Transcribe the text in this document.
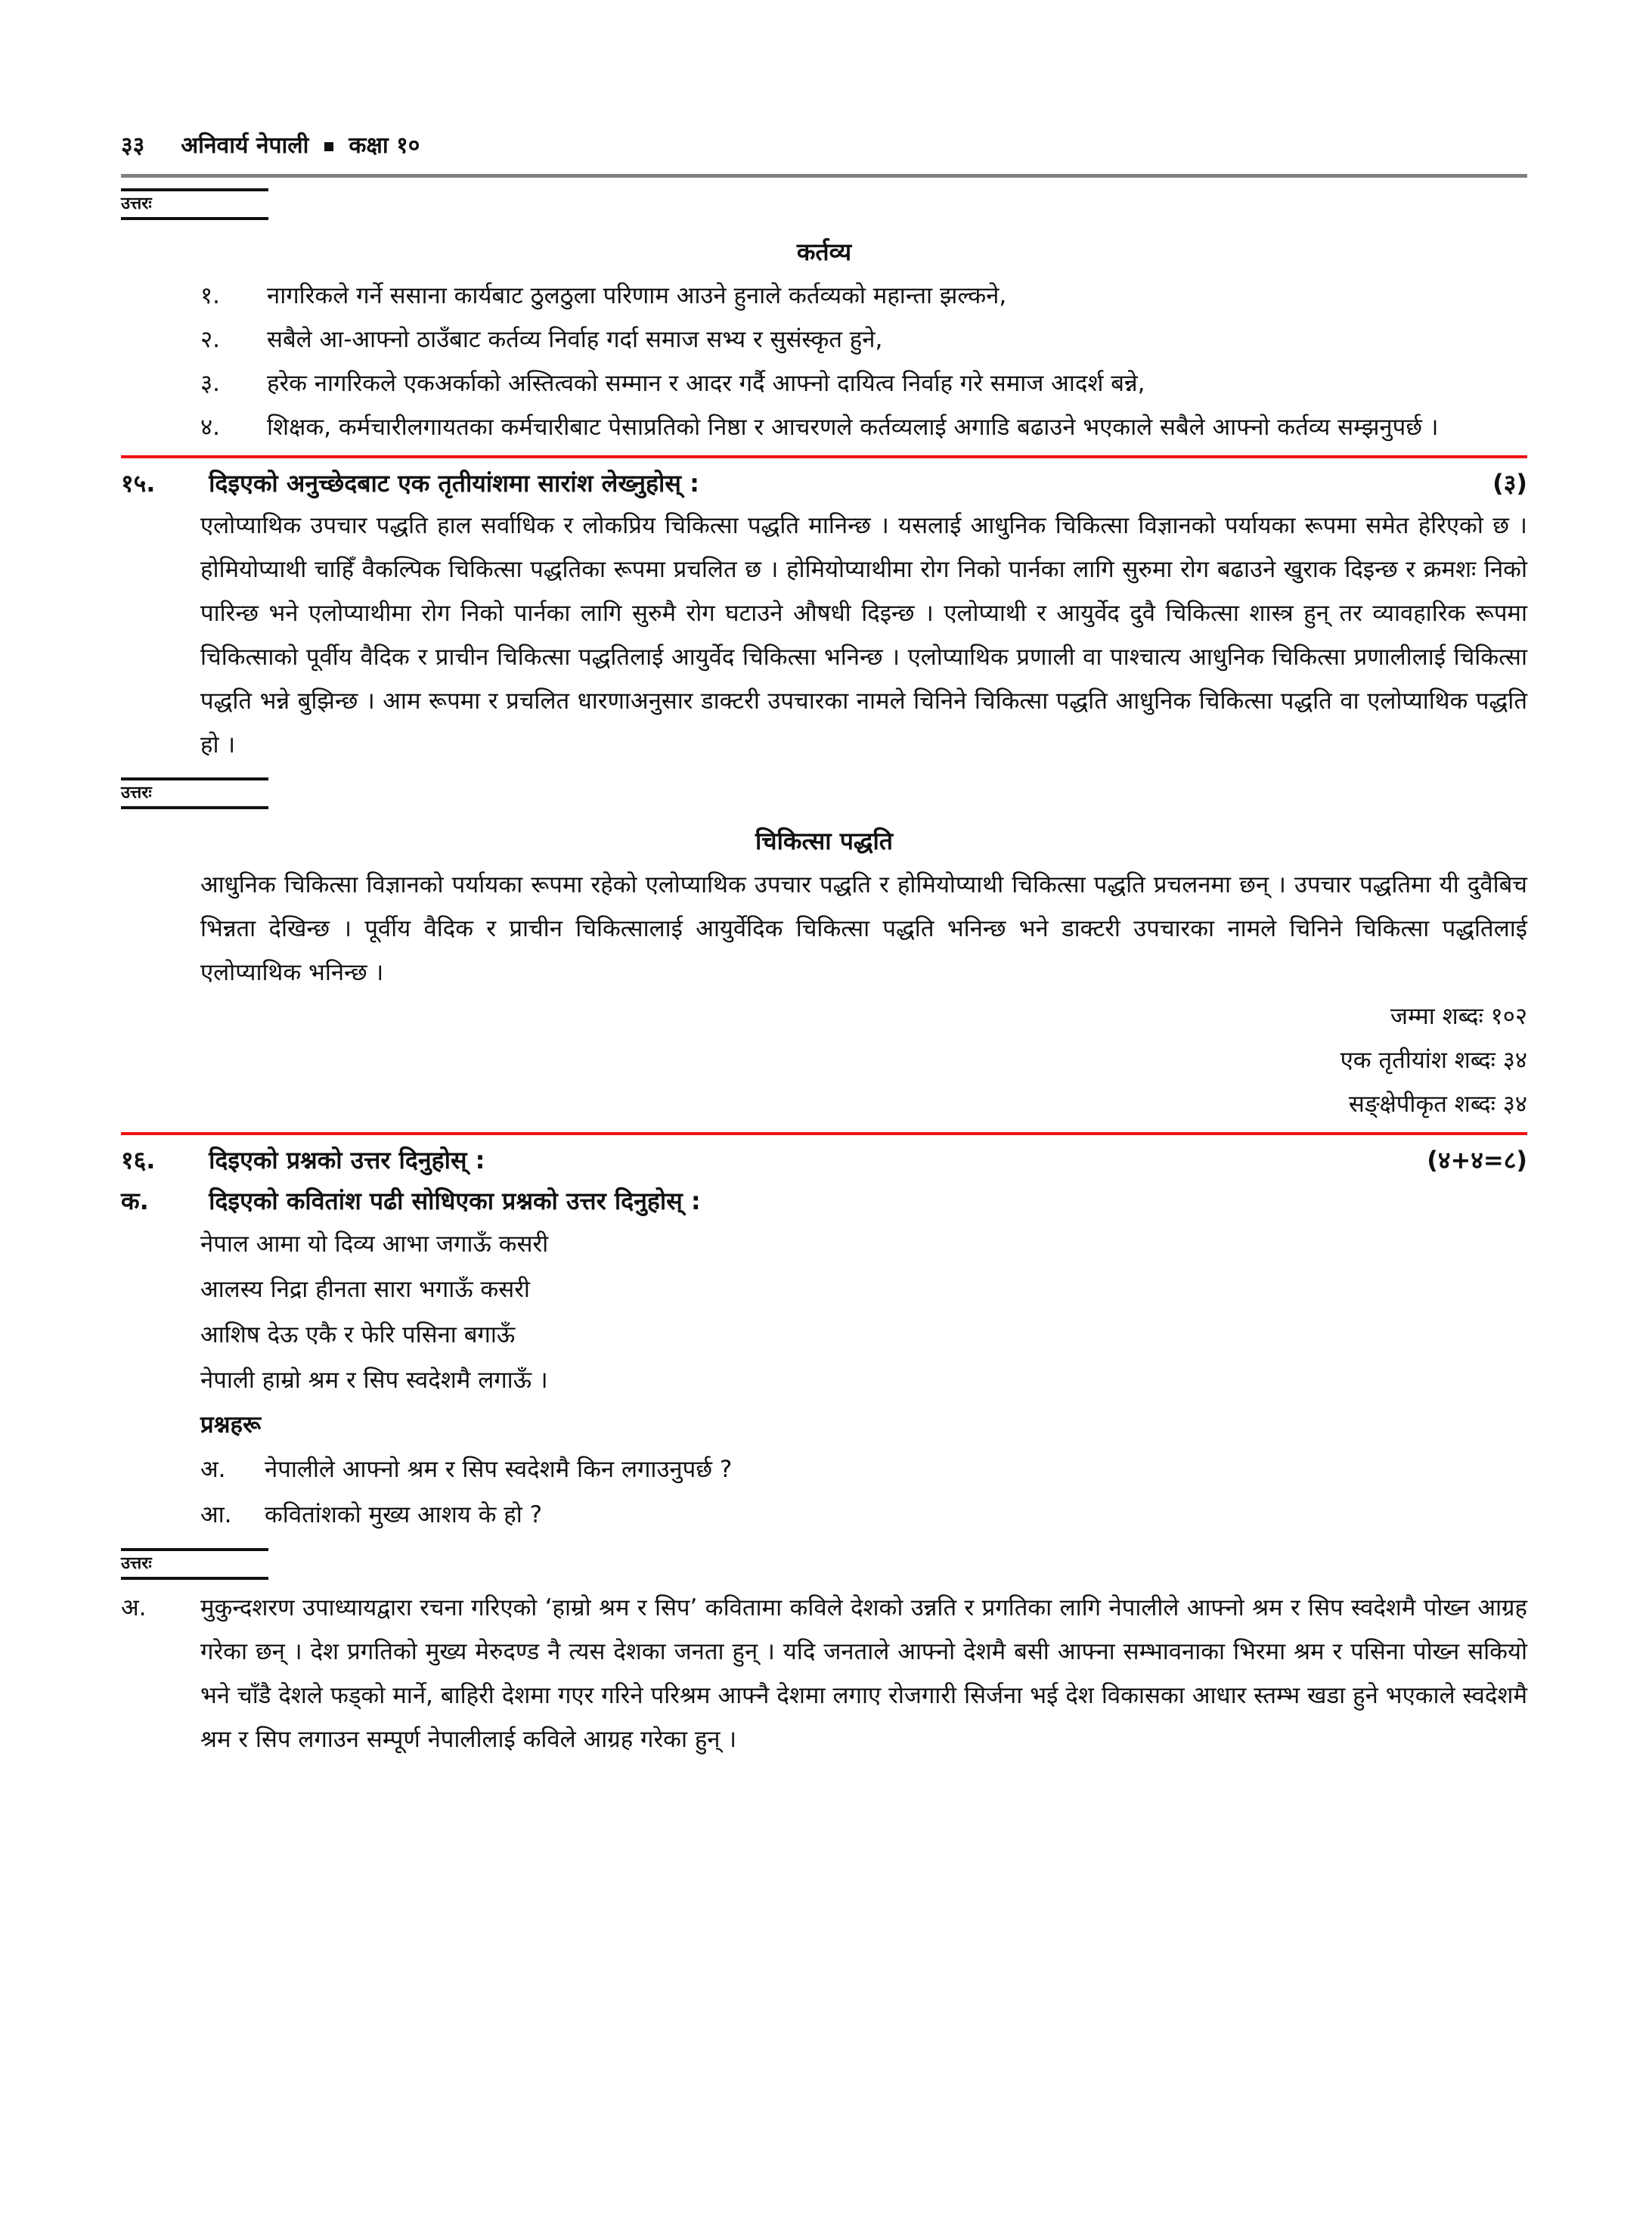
३३ अनिवार्य नेपाली कक्षा १०
उत्तरः
कर्तव्य
१.	नागरिकले गर्ने ससाना कार्यबाट ठुलठुला परिणाम आउने हुनाले कर्तव्यको महान्ता झल्कने,
२.	सबैले आ-आफ्नो ठाउँबाट कर्तव्य निर्वाह गर्दा समाज सभ्य र सुसंस्कृत हुने,
३.	हरेक नागरिकले एकअर्काको अस्तित्वको सम्मान र आदर गर्दै आफ्नो दायित्व निर्वाह गरे समाज आदर्श बन्ने,
४.	शिक्षक, कर्मचारीलगायतका कर्मचारीबाट पेसाप्रतिको निष्ठा र आचरणले कर्तव्यलाई अगाडि बढाउने भएकाले सबैले आफ्नो कर्तव्य सम्झनुपर्छ ।
१५. दिइएको अनुच्छेदबाट एक तृतीयांशमा सारांश लेख्नुहोस् :	(३)
एलोप्याथिक उपचार पद्धति हाल सर्वाधिक र लोकप्रिय चिकित्सा पद्धति मानिन्छ । यसलाई आधुनिक चिकित्सा विज्ञानको पर्यायका रूपमा समेत हेरिएको छ । होमियोप्याथी चाहिँ वैकल्पिक चिकित्सा पद्धतिका रूपमा प्रचलित छ । होमियोप्याथीमा रोग निको पार्नका लागि सुरुमा रोग बढाउने खुराक दिइन्छ र क्रमशः निको पारिन्छ भने एलोप्याथीमा रोग निको पार्नका लागि सुरुमै रोग घटाउने औषधी दिइन्छ । एलोप्याथी र आयुर्वेद दुवै चिकित्सा शास्त्र हुन् तर व्यावहारिक रूपमा चिकित्साको पूर्वीय वैदिक र प्राचीन चिकित्सा पद्धतिलाई आयुर्वेद चिकित्सा भनिन्छ । एलोप्याथिक प्रणाली वा पाश्चात्य आधुनिक चिकित्सा प्रणालीलाई चिकित्सा पद्धति भन्ने बुझिन्छ । आम रूपमा र प्रचलित धारणाअनुसार डाक्टरी उपचारका नामले चिनिने चिकित्सा पद्धति आधुनिक चिकित्सा पद्धति वा एलोप्याथिक पद्धति हो ।
उत्तरः
चिकित्सा पद्धति
आधुनिक चिकित्सा विज्ञानको पर्यायका रूपमा रहेको एलोप्याथिक उपचार पद्धति र होमियोप्याथी चिकित्सा पद्धति प्रचलनमा छन् । उपचार पद्धतिमा यी दुवैबिच भिन्नता देखिन्छ । पूर्वीय वैदिक र प्राचीन चिकित्सालाई आयुर्वेदिक चिकित्सा पद्धति भनिन्छ भने डाक्टरी उपचारका नामले चिनिने चिकित्सा पद्धतिलाई एलोप्याथिक भनिन्छ ।
जम्मा शब्दः १०२
एक तृतीयांश शब्दः ३४
सङ्क्षेपीकृत शब्दः ३४
१६. दिइएको प्रश्नको उत्तर दिनुहोस् :	(४+४=८)
क. दिइएको कवितांश पढी सोधिएका प्रश्नको उत्तर दिनुहोस् :
नेपाल आमा यो दिव्य आभा जगाऊँ कसरी
आलस्य निद्रा हीनता सारा भगाऊँ कसरी
आशिष देऊ एकै र फेरि पसिना बगाऊँ
नेपाली हाम्रो श्रम र सिप स्वदेशमै लगाऊँ ।
प्रश्नहरू
अ.	नेपालीले आफ्नो श्रम र सिप स्वदेशमै किन लगाउनुपर्छ ?
आ.	कवितांशको मुख्य आशय के हो ?
उत्तरः
अ.	मुकुन्दशरण उपाध्यायद्वारा रचना गरिएको ‘हाम्रो श्रम र सिप’ कवितामा कविले देशको उन्नति र प्रगतिका लागि नेपालीले आफ्नो श्रम र सिप स्वदेशमै पोख्न आग्रह गरेका छन् । देश प्रगतिको मुख्य मेरुदण्ड नै त्यस देशका जनता हुन् । यदि जनताले आफ्नो देशमै बसी आफ्ना सम्भावनाका भिरमा श्रम र पसिना पोख्न सकियो भने चाँडै देशले फड्को मार्ने, बाहिरी देशमा गएर गरिने परिश्रम आफ्नै देशमा लगाए रोजगारी सिर्जना भई देश विकासका आधार स्तम्भ खडा हुने भएकाले स्वदेशमै श्रम र सिप लगाउन सम्पूर्ण नेपालीलाई कविले आग्रह गरेका हुन् ।
